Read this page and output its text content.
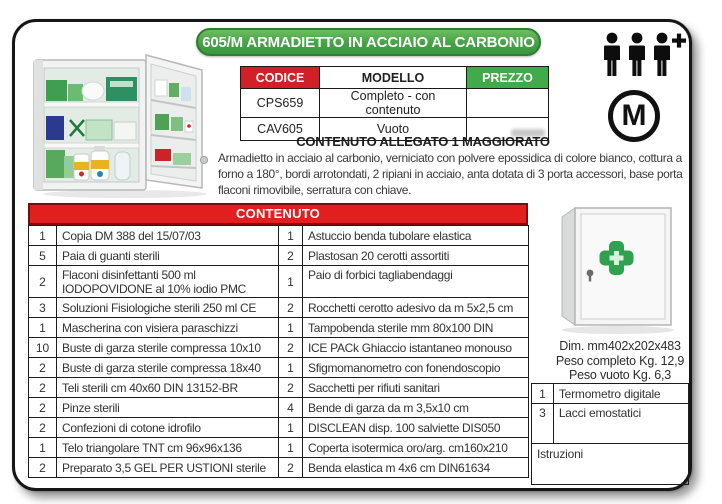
605/M ARMADIETTO IN ACCIAIO AL CARBONIO
CODICE	MODELLO	PREZZO
CPS659	Completo - con contenuto	
CAV605	Vuoto	
CONTENUTO ALLEGATO 1 MAGGIORATO
Armadietto in acciaio al carbonio, verniciato con polvere epossidica di colore bianco, cottura a forno a 180°, bordi arrotondati, 2 ripiani in acciaio, anta dotata di 3 porta accessori, base porta flaconi rimovibile, serratura con chiave.
M
CONTENUTO
1	Copia DM 388 del 15/07/03	1	Astuccio benda tubolare elastica
5	Paia di guanti sterili	2	Plastosan 20 cerotti assortiti
2	Flaconi disinfettanti 500 ml IODOPOVIDONE al 10% iodio PMC	1	Paio di forbici tagliabendaggi
3	Soluzioni Fisiologiche sterili 250 ml CE	2	Rocchetti cerotto adesivo da m 5x2,5 cm
1	Mascherina con visiera paraschizzi	1	Tampobenda sterile mm 80x100 DIN
10	Buste di garza sterile compressa 10x10	2	ICE PACk Ghiaccio istantaneo monouso
2	Buste di garza sterile compressa 18x40	1	Sfigmomanometro con fonendoscopio
2	Teli sterili cm 40x60 DIN 13152-BR	2	Sacchetti per rifiuti sanitari
2	Pinze sterili	4	Bende di garza da m 3,5x10 cm
2	Confezioni di cotone idrofilo	1	DISCLEAN disp. 100 salviette DIS050
1	Telo triangolare TNT cm 96x96x136	1	Coperta isotermica oro/arg. cm160x210
2	Preparato 3,5 GEL PER USTIONI sterile	2	Benda elastica m 4x6 cm DIN61634
Dim. mm402x202x483
Peso completo Kg. 12,9
Peso vuoto Kg. 6,3
1	Termometro digitale
3	Lacci emostatici
Istruzioni	
